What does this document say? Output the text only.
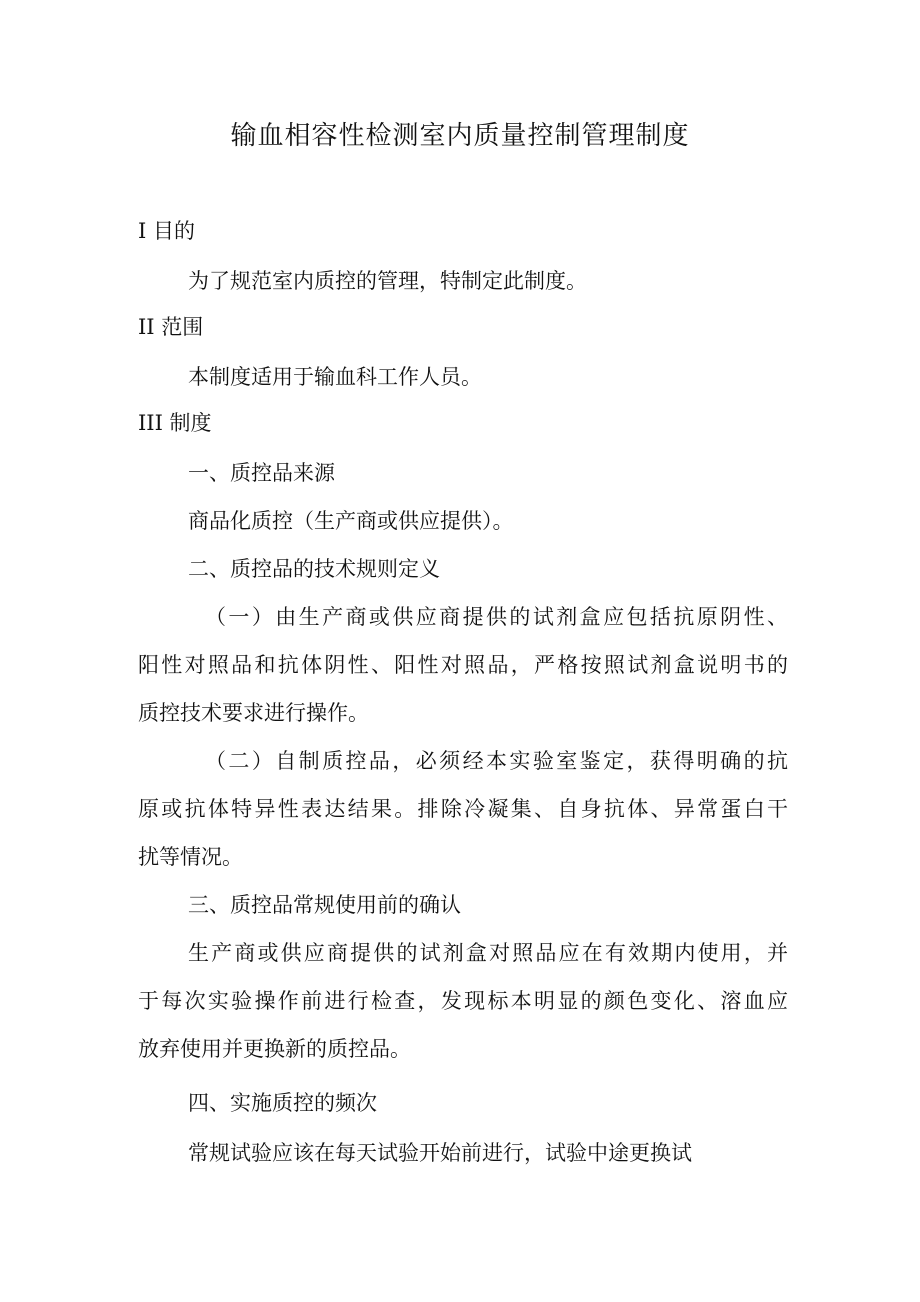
输血相容性检测室内质量控制管理制度

I 目的

为了规范室内质控的管理，特制定此制度。

II 范围

本制度适用于输血科工作人员。

III 制度

一、质控品来源

商品化质控（生产商或供应提供）。

二、质控品的技术规则定义

（一）由生产商或供应商提供的试剂盒应包括抗原阴性、

阳性对照品和抗体阴性、阳性对照品，严格按照试剂盒说明书的

质控技术要求进行操作。

（二）自制质控品，必须经本实验室鉴定，获得明确的抗

原或抗体特异性表达结果。排除冷凝集、自身抗体、异常蛋白干

扰等情况。

三、质控品常规使用前的确认

生产商或供应商提供的试剂盒对照品应在有效期内使用，并

于每次实验操作前进行检查，发现标本明显的颜色变化、溶血应

放弃使用并更换新的质控品。

四、实施质控的频次

常规试验应该在每天试验开始前进行，试验中途更换试
